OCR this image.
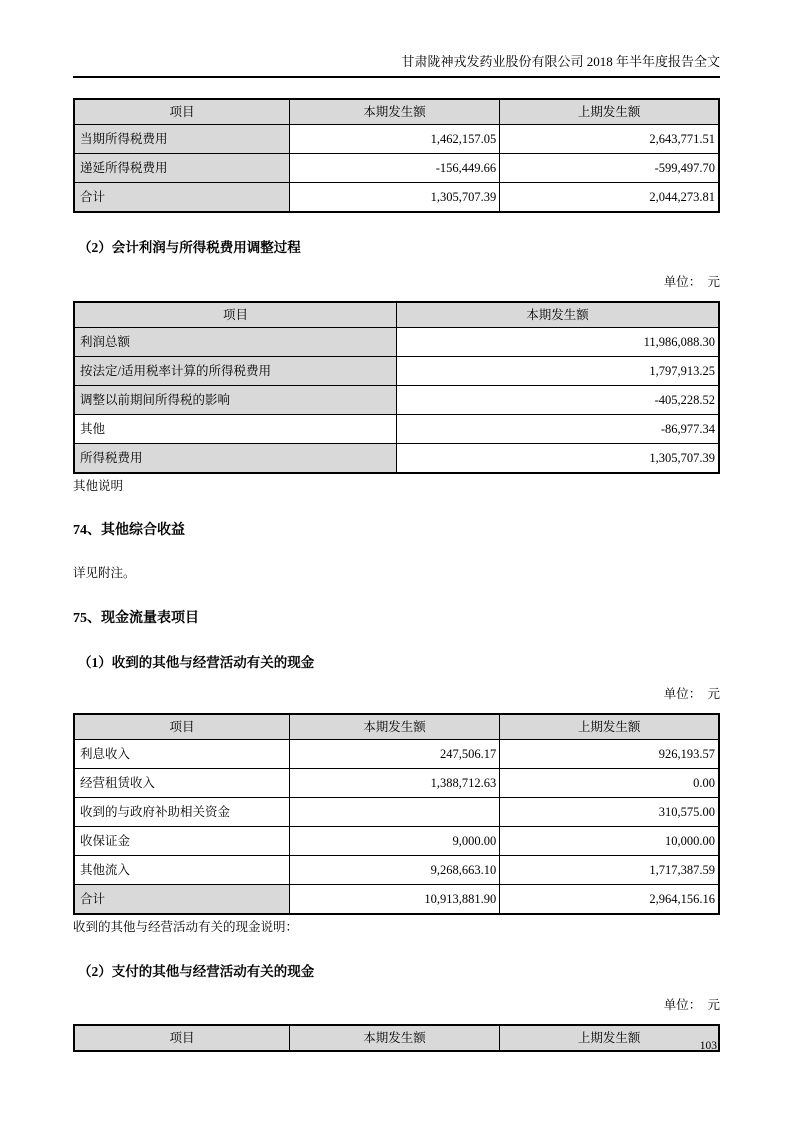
甘肃陇神戎发药业股份有限公司 2018 年半年度报告全文
项目	本期发生额	上期发生额
当期所得税费用	1,462,157.05	2,643,771.51
递延所得税费用	-156,449.66	-599,497.70
合计	1,305,707.39	2,044,273.81
（2）会计利润与所得税费用调整过程
单位：　元
项目	本期发生额
利润总额	11,986,088.30
按法定/适用税率计算的所得税费用	1,797,913.25
调整以前期间所得税的影响	-405,228.52
其他	-86,977.34
所得税费用	1,305,707.39
其他说明
74、其他综合收益
详见附注。
75、现金流量表项目
（1）收到的其他与经营活动有关的现金
单位：　元
项目	本期发生额	上期发生额
利息收入	247,506.17	926,193.57
经营租赁收入	1,388,712.63	0.00
收到的与政府补助相关资金		310,575.00
收保证金	9,000.00	10,000.00
其他流入	9,268,663.10	1,717,387.59
合计	10,913,881.90	2,964,156.16
收到的其他与经营活动有关的现金说明：
（2）支付的其他与经营活动有关的现金
单位：　元
项目	本期发生额	上期发生额
103
